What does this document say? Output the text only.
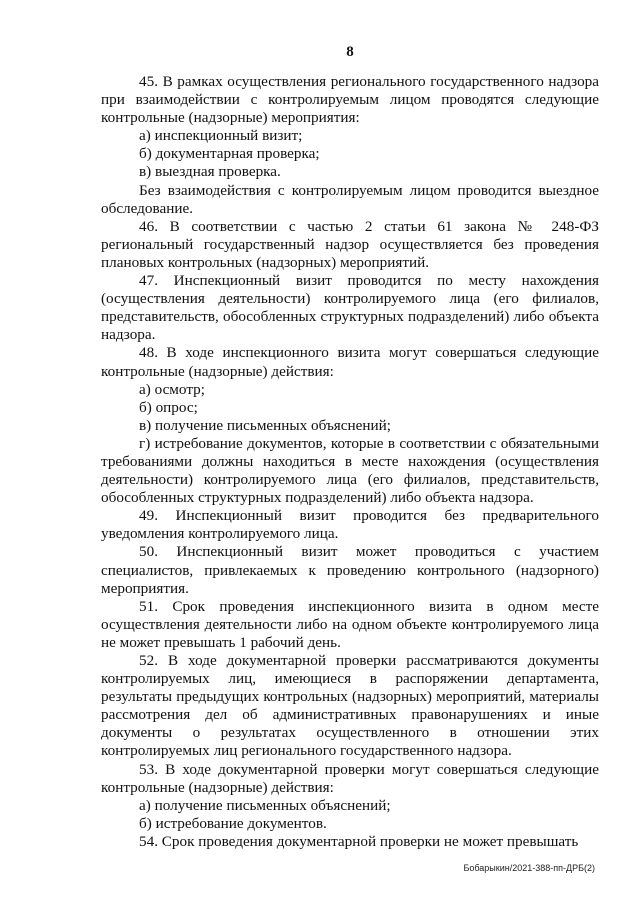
8

45. В рамках осуществления регионального государственного надзора при взаимодействии с контролируемым лицом проводятся следующие контрольные (надзорные) мероприятия:

а) инспекционный визит;

б) документарная проверка;

в) выездная проверка.

Без взаимодействия с контролируемым лицом проводится выездное обследование.

46. В соответствии с частью 2 статьи 61 закона № 248-ФЗ региональный государственный надзор осуществляется без проведения плановых контрольных (надзорных) мероприятий.

47. Инспекционный визит проводится по месту нахождения (осуществления деятельности) контролируемого лица (его филиалов, представительств, обособленных структурных подразделений) либо объекта надзора.

48. В ходе инспекционного визита могут совершаться следующие контрольные (надзорные) действия:

а) осмотр;

б) опрос;

в) получение письменных объяснений;

г) истребование документов, которые в соответствии с обязательными требованиями должны находиться в месте нахождения (осуществления деятельности) контролируемого лица (его филиалов, представительств, обособленных структурных подразделений) либо объекта надзора.

49. Инспекционный визит проводится без предварительного уведомления контролируемого лица.

50. Инспекционный визит может проводиться с участием специалистов, привлекаемых к проведению контрольного (надзорного) мероприятия.

51. Срок проведения инспекционного визита в одном месте осуществления деятельности либо на одном объекте контролируемого лица не может превышать 1 рабочий день.

52. В ходе документарной проверки рассматриваются документы контролируемых лиц, имеющиеся в распоряжении департамента, результаты предыдущих контрольных (надзорных) мероприятий, материалы рассмотрения дел об административных правонарушениях и иные документы о результатах осуществленного в отношении этих контролируемых лиц регионального государственного надзора.

53. В ходе документарной проверки могут совершаться следующие контрольные (надзорные) действия:

а) получение письменных объяснений;

б) истребование документов.

54. Срок проведения документарной проверки не может превышать

Бобарыкин/2021-388-пп-ДРБ(2)
